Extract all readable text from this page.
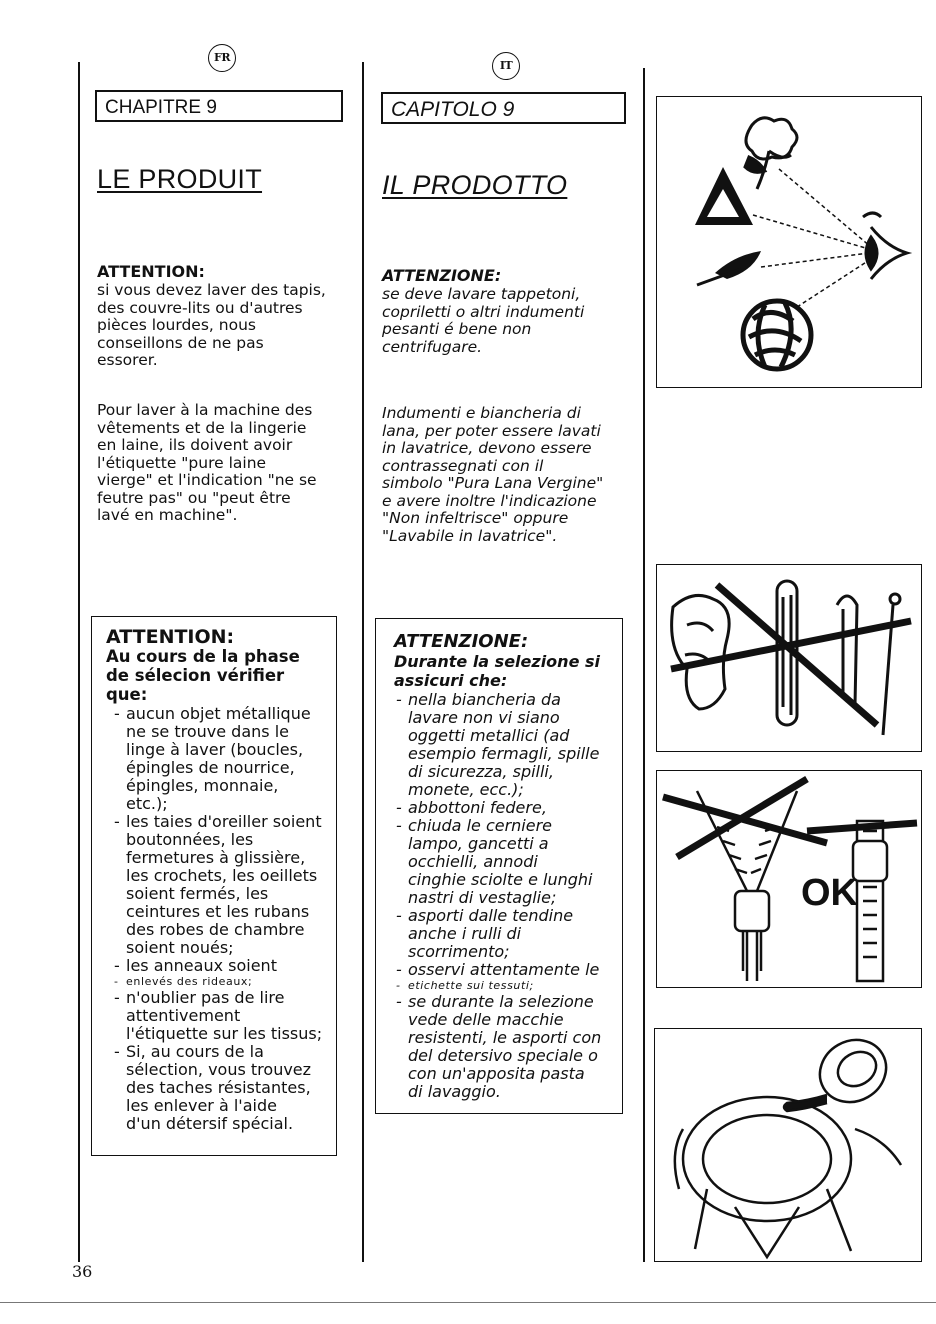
FR
CHAPITRE 9
LE PRODUIT
ATTENTION:
si vous devez laver des tapis,
des couvre-lits ou d'autres
pièces lourdes, nous
conseillons de ne pas
essorer.
Pour laver à la machine des
vêtements et de la lingerie
en laine, ils doivent avoir
l'étiquette "pure laine
vierge" et l'indication "ne se
feutre pas" ou "peut être
lavé en machine".
ATTENTION:
Au cours de la phase
de sélecion vérifier
que:
- aucun objet métallique
ne se trouve dans le
linge à laver (boucles,
épingles de nourrice,
épingles, monnaie,
etc.);
- les taies d'oreiller soient
boutonnées, les
fermetures à glissière,
les crochets, les oeillets
soient fermés, les
ceintures et les rubans
des robes de chambre
soient noués;
- les anneaux soient
- enlevés des rideaux;
- n'oublier pas de lire
attentivement
l'étiquette sur les tissus;
- Si, au cours de la
sélection, vous trouvez
des taches résistantes,
les enlever à l'aide
d'un détersif spécial.
36
IT
CAPITOLO 9
IL PRODOTTO
ATTENZIONE:
se deve lavare tappetoni,
copriletti o altri indumenti
pesanti é bene non
centrifugare.
Indumenti e biancheria di
lana, per poter essere lavati
in lavatrice, devono essere
contrassegnati con il
simbolo "Pura Lana Vergine"
e avere inoltre l'indicazione
"Non infeltrisce" oppure
"Lavabile in lavatrice".
ATTENZIONE:
Durante la selezione si
assicuri che:
- nella biancheria da
lavare non vi siano
oggetti metallici (ad
esempio fermagli, spille
di sicurezza, spilli,
monete, ecc.);
- abbottoni federe,
- chiuda le cerniere
lampo, gancetti a
occhielli, annodi
cinghie sciolte e lunghi
nastri di vestaglie;
- asporti dalle tendine
anche i rulli di
scorrimento;
- osservi attentamente le
- etichette sui tessuti;
- se durante la selezione
vede delle macchie
resistenti, le asporti con
del detersivo speciale o
con un'apposita pasta
di lavaggio.
OK
